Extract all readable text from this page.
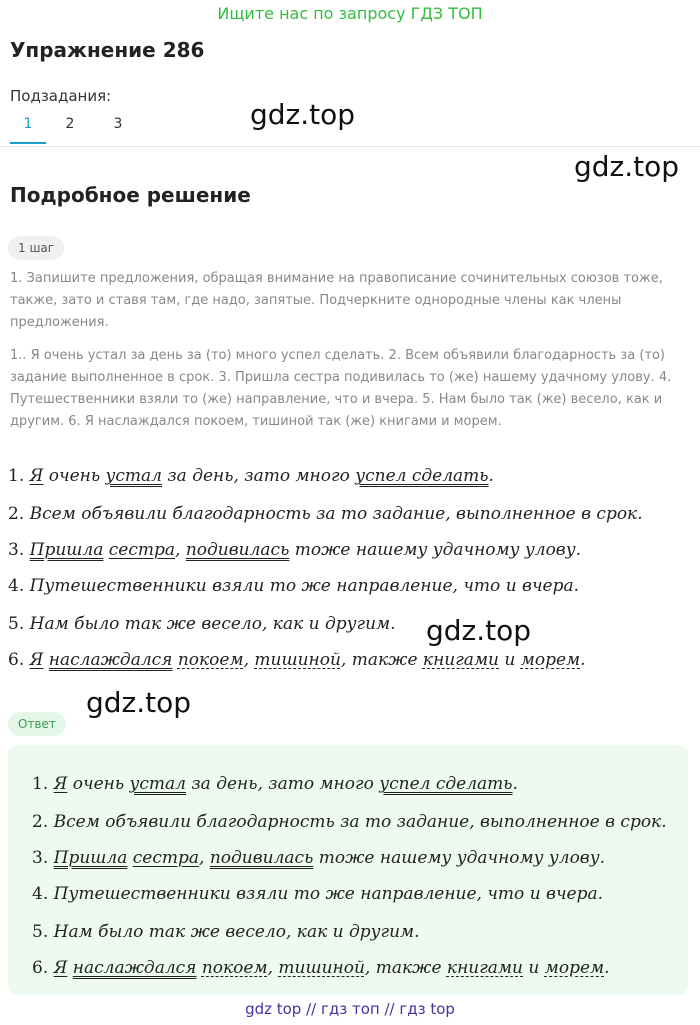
Ищите нас по запросу ГДЗ ТОП
Упражнение 286
Подзадания:
1	2	3	gdz.top
gdz.top
Подробное решение
1 шаг
1. Запишите предложения, обращая внимание на правописание сочинительных союзов тоже, также, зато и ставя там, где надо, запятые. Подчеркните однородные члены как члены предложения.
1.. Я очень устал за день за (то) много успел сделать. 2. Всем объявили благодарность за (то) задание выполненное в срок. 3. Пришла сестра подивилась то (же) нашему удачному улову. 4. Путешественники взяли то (же) направление, что и вчера. 5. Нам было так (же) весело, как и другим. 6. Я наслаждался покоем, тишиной так (же) книгами и морем.
1. Я очень устал за день, зато много успел сделать.
2. Всем объявили благодарность за то задание, выполненное в срок.
3. Пришла сестра, подивилась тоже нашему удачному улову.
4. Путешественники взяли то же направление, что и вчера.
5. Нам было так же весело, как и другим.
6. Я наслаждался покоем, тишиной, также книгами и морем.
gdz.top
gdz.top
Ответ
1. Я очень устал за день, зато много успел сделать.
2. Всем объявили благодарность за то задание, выполненное в срок.
3. Пришла сестра, подивилась тоже нашему удачному улову.
4. Путешественники взяли то же направление, что и вчера.
5. Нам было так же весело, как и другим.
6. Я наслаждался покоем, тишиной, также книгами и морем.
gdz top // гдз топ // гдз top
